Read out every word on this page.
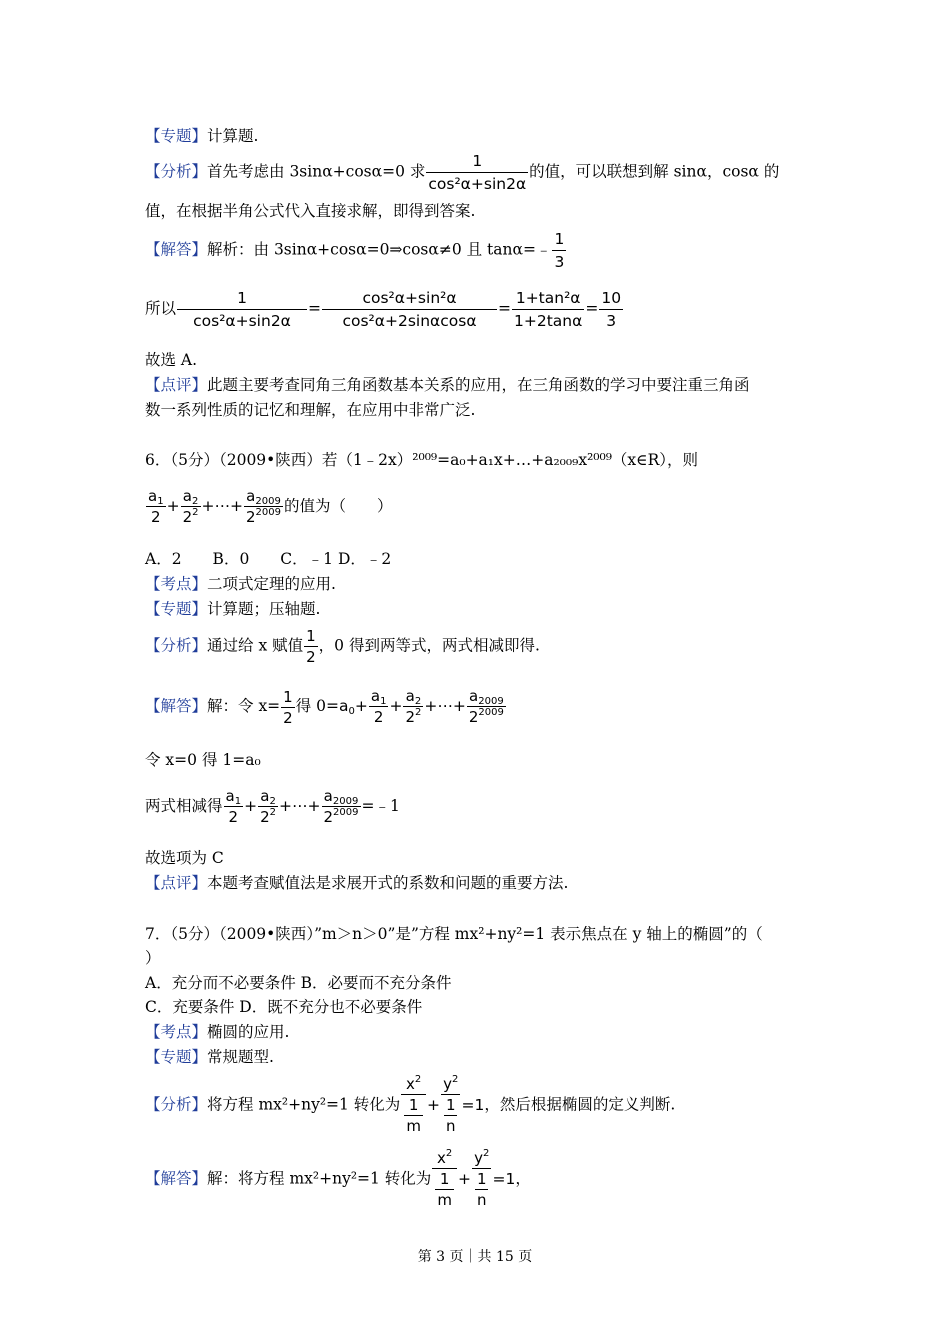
【专题】计算题.
【分析】首先考虑由 3sinα+cosα=0 求 $\frac{1}{\text{cos²α+sin2α}}$ 的值，可以联想到解 sinα，cosα 的
值，在根据半角公式代入直接求解，即得到答案.
【解答】解析：由 3sinα+cosα=0⇒cosα≠0 且 tanα=﹣ $\frac{1}{3}$
所以 $\frac{1}{\text{cos²α+sin2α}} = \frac{\text{cos²α+sin²α}}{\text{cos²α+2sinαcosα}} = \frac{\text{1+tan²α}}{1+2\tan\alpha} = \frac{10}{3}$
故选 A.
【点评】此题主要考查同角三角函数基本关系的应用，在三角函数的学习中要注重三角函
数一系列性质的记忆和理解，在应用中非常广泛.
6．（5分）（2009•陕西）若（1﹣2x）²⁰⁰⁹=a₀+a₁x+…+a₂₀₀₉x²⁰⁰⁹（x∈R），则
$\frac{a_1}{2} + \frac{a_2}{2^2}$ +⋯+ $\frac{a_{2009}}{2^{2009}}$ 的值为（　　）
A．2　　B．0　　C．﹣1 D．﹣2
【考点】二项式定理的应用.
【专题】计算题；压轴题.
【分析】通过给 x 赋值 $\frac{1}{2}$ ，0 得到两等式，两式相减即得.
【解答】解：令 $x= \frac{1}{2}$ 得 $0=a_0+ \frac{a_1}{2} + \frac{a_2}{2^2}$ +⋯+ $\frac{a_{2009}}{2^{2009}}$
令 x=0 得 1=a₀
两式相减得 $\frac{a_1}{2} + \frac{a_2}{2^2}$ +⋯+ $\frac{a_{2009}}{2^{2009}}$ =﹣1
故选项为 C
【点评】本题考查赋值法是求展开式的系数和问题的重要方法.
7．（5分）（2009•陕西）”m＞n＞0”是”方程 mx²+ny²=1 表示焦点在 y 轴上的椭圆”的（
）
A．充分而不必要条件 B．必要而不充分条件
C．充要条件 D．既不充分也不必要条件
【考点】椭圆的应用.
【专题】常规题型.
【分析】将方程 mx²+ny²=1 转化为 $\frac{x^2}{\frac{1}{m}} + \frac{y^2}{\frac{1}{n}} =1$，然后根据椭圆的定义判断.
【解答】解：将方程 mx²+ny²=1 转化为 $\frac{x^2}{\frac{1}{m}} + \frac{y^2}{\frac{1}{n}} =1$，
第 3 页｜共 15 页
